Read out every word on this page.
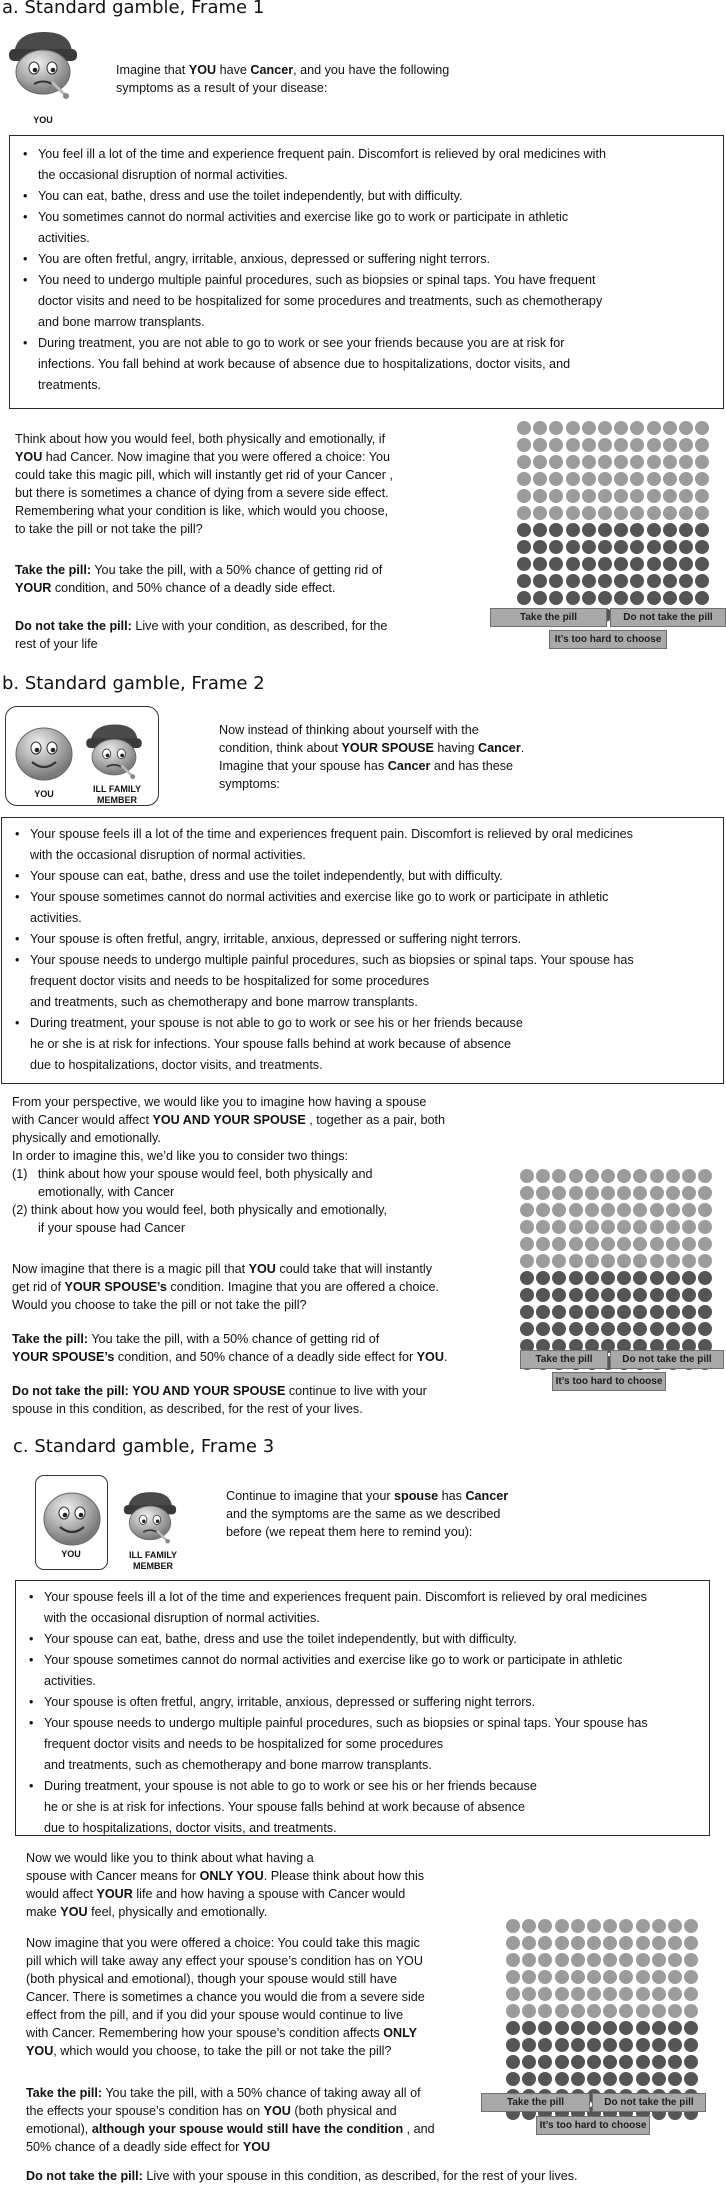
a. Standard gamble, Frame 1
YOU
Imagine that YOU have Cancer, and you have the following
symptoms as a result of your disease:
• You feel ill a lot of the time and experience frequent pain. Discomfort is relieved by oral medicines with
the occasional disruption of normal activities.
• You can eat, bathe, dress and use the toilet independently, but with difficulty.
• You sometimes cannot do normal activities and exercise like go to work or participate in athletic
activities.
• You are often fretful, angry, irritable, anxious, depressed or suffering night terrors.
• You need to undergo multiple painful procedures, such as biopsies or spinal taps. You have frequent
doctor visits and need to be hospitalized for some procedures and treatments, such as chemotherapy
and bone marrow transplants.
• During treatment, you are not able to go to work or see your friends because you are at risk for
infections. You fall behind at work because of absence due to hospitalizations, doctor visits, and
treatments.
Think about how you would feel, both physically and emotionally, if
YOU had Cancer. Now imagine that you were offered a choice: You
could take this magic pill, which will instantly get rid of your Cancer ,
but there is sometimes a chance of dying from a severe side effect.
Remembering what your condition is like, which would you choose,
to take the pill or not take the pill?
Take the pill: You take the pill, with a 50% chance of getting rid of
YOUR condition, and 50% chance of a deadly side effect.
Do not take the pill: Live with your condition, as described, for the
rest of your life
Take the pill	Do not take the pill
It’s too hard to choose
b. Standard gamble, Frame 2
YOU	ILL FAMILY
MEMBER
Now instead of thinking about yourself with the
condition, think about YOUR SPOUSE having Cancer.
Imagine that your spouse has Cancer and has these
symptoms:
• Your spouse feels ill a lot of the time and experiences frequent pain. Discomfort is relieved by oral medicines
with the occasional disruption of normal activities.
• Your spouse can eat, bathe, dress and use the toilet independently, but with difficulty.
• Your spouse sometimes cannot do normal activities and exercise like go to work or participate in athletic
activities.
• Your spouse is often fretful, angry, irritable, anxious, depressed or suffering night terrors.
• Your spouse needs to undergo multiple painful procedures, such as biopsies or spinal taps. Your spouse has
frequent doctor visits and needs to be hospitalized for some procedures
and treatments, such as chemotherapy and bone marrow transplants.
• During treatment, your spouse is not able to go to work or see his or her friends because
he or she is at risk for infections. Your spouse falls behind at work because of absence
due to hospitalizations, doctor visits, and treatments.
From your perspective, we would like you to imagine how having a spouse
with Cancer would affect YOU AND YOUR SPOUSE , together as a pair, both
physically and emotionally.
In order to imagine this, we’d like you to consider two things:
(1) think about how your spouse would feel, both physically and
emotionally, with Cancer
(2) think about how you would feel, both physically and emotionally,
if your spouse had Cancer
Now imagine that there is a magic pill that YOU could take that will instantly
get rid of YOUR SPOUSE’s condition. Imagine that you are offered a choice.
Would you choose to take the pill or not take the pill?
Take the pill: You take the pill, with a 50% chance of getting rid of
YOUR SPOUSE’s condition, and 50% chance of a deadly side effect for YOU.
Do not take the pill: YOU AND YOUR SPOUSE continue to live with your
spouse in this condition, as described, for the rest of your lives.
Take the pill	Do not take the pill
It’s too hard to choose
c. Standard gamble, Frame 3
YOU	ILL FAMILY
MEMBER
Continue to imagine that your spouse has Cancer
and the symptoms are the same as we described
before (we repeat them here to remind you):
• Your spouse feels ill a lot of the time and experiences frequent pain. Discomfort is relieved by oral medicines
with the occasional disruption of normal activities.
• Your spouse can eat, bathe, dress and use the toilet independently, but with difficulty.
• Your spouse sometimes cannot do normal activities and exercise like go to work or participate in athletic
activities.
• Your spouse is often fretful, angry, irritable, anxious, depressed or suffering night terrors.
• Your spouse needs to undergo multiple painful procedures, such as biopsies or spinal taps. Your spouse has
frequent doctor visits and needs to be hospitalized for some procedures
and treatments, such as chemotherapy and bone marrow transplants.
• During treatment, your spouse is not able to go to work or see his or her friends because
he or she is at risk for infections. Your spouse falls behind at work because of absence
due to hospitalizations, doctor visits, and treatments.
Now we would like you to think about what having a
spouse with Cancer means for ONLY YOU. Please think about how this
would affect YOUR life and how having a spouse with Cancer would
make YOU feel, physically and emotionally.
Now imagine that you were offered a choice: You could take this magic
pill which will take away any effect your spouse’s condition has on YOU
(both physical and emotional), though your spouse would still have
Cancer. There is sometimes a chance you would die from a severe side
effect from the pill, and if you did your spouse would continue to live
with Cancer. Remembering how your spouse’s condition affects ONLY
YOU, which would you choose, to take the pill or not take the pill?
Take the pill: You take the pill, with a 50% chance of taking away all of
the effects your spouse’s condition has on YOU (both physical and
emotional), although your spouse would still have the condition , and
50% chance of a deadly side effect for YOU
Do not take the pill: Live with your spouse in this condition, as described, for the rest of your lives.
Take the pill	Do not take the pill
It’s too hard to choose
